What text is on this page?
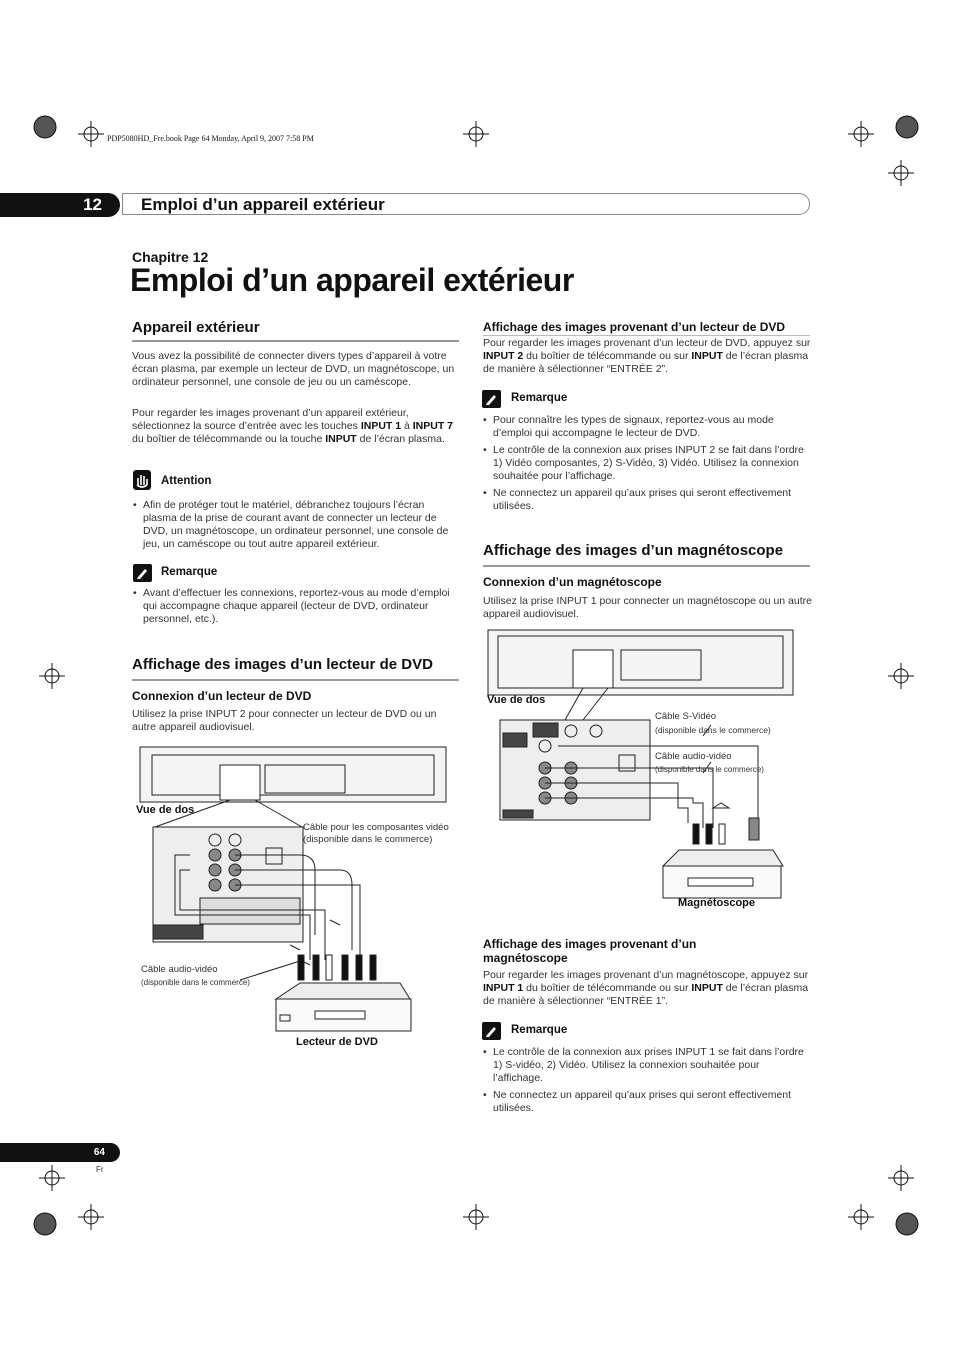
PDP5080HD_Fre.book Page 64 Monday, April 9, 2007 7:58 PM
12	Emploi d’un appareil extérieur
Chapitre 12
Emploi d’un appareil extérieur
Appareil extérieur
Vous avez la possibilité de connecter divers types d’appareil à votre écran plasma, par exemple un lecteur de DVD, un magnétoscope, un ordinateur personnel, une console de jeu ou un caméscope.
Pour regarder les images provenant d’un appareil extérieur, sélectionnez la source d’entrée avec les touches INPUT 1 à INPUT 7 du boîtier de télécommande ou la touche INPUT de l’écran plasma.
Attention
• Afin de protéger tout le matériel, débranchez toujours l’écran plasma de la prise de courant avant de connecter un lecteur de DVD, un magnétoscope, un ordinateur personnel, une console de jeu, un caméscope ou tout autre appareil extérieur.
Remarque
• Avant d’effectuer les connexions, reportez-vous au mode d’emploi qui accompagne chaque appareil (lecteur de DVD, ordinateur personnel, etc.).
Affichage des images d’un lecteur de DVD
Connexion d’un lecteur de DVD
Utilisez la prise INPUT 2 pour connecter un lecteur de DVD ou un autre appareil audiovisuel.
Vue de dos
Câble pour les composantes vidéo (disponible dans le commerce)
Câble audio-vidéo
(disponible dans le commerce)
Lecteur de DVD
Affichage des images provenant d’un lecteur de DVD
Pour regarder les images provenant d’un lecteur de DVD, appuyez sur INPUT 2 du boîtier de télécommande ou sur INPUT de l’écran plasma de manière à sélectionner “ENTRÉE 2”.
Remarque
• Pour connaître les types de signaux, reportez-vous au mode d’emploi qui accompagne le lecteur de DVD.
• Le contrôle de la connexion aux prises INPUT 2 se fait dans l’ordre 1) Vidéo composantes, 2) S-Vidéo, 3) Vidéo. Utilisez la connexion souhaitée pour l’affichage.
• Ne connectez un appareil qu’aux prises qui seront effectivement utilisées.
Affichage des images d’un magnétoscope
Connexion d’un magnétoscope
Utilisez la prise INPUT 1 pour connecter un magnétoscope ou un autre appareil audiovisuel.
Vue de dos
Câble S-Vidéo
(disponible dans le commerce)
Câble audio-vidéo
(disponible dans le commerce)
Magnétoscope
Affichage des images provenant d’un magnétoscope
Pour regarder les images provenant d’un magnétoscope, appuyez sur INPUT 1 du boîtier de télécommande ou sur INPUT de l’écran plasma de manière à sélectionner “ENTRÉE 1”.
Remarque
• Le contrôle de la connexion aux prises INPUT 1 se fait dans l’ordre 1) S-vidéo, 2) Vidéo. Utilisez la connexion souhaitée pour l’affichage.
• Ne connectez un appareil qu’aux prises qui seront effectivement utilisées.
64
Fr
